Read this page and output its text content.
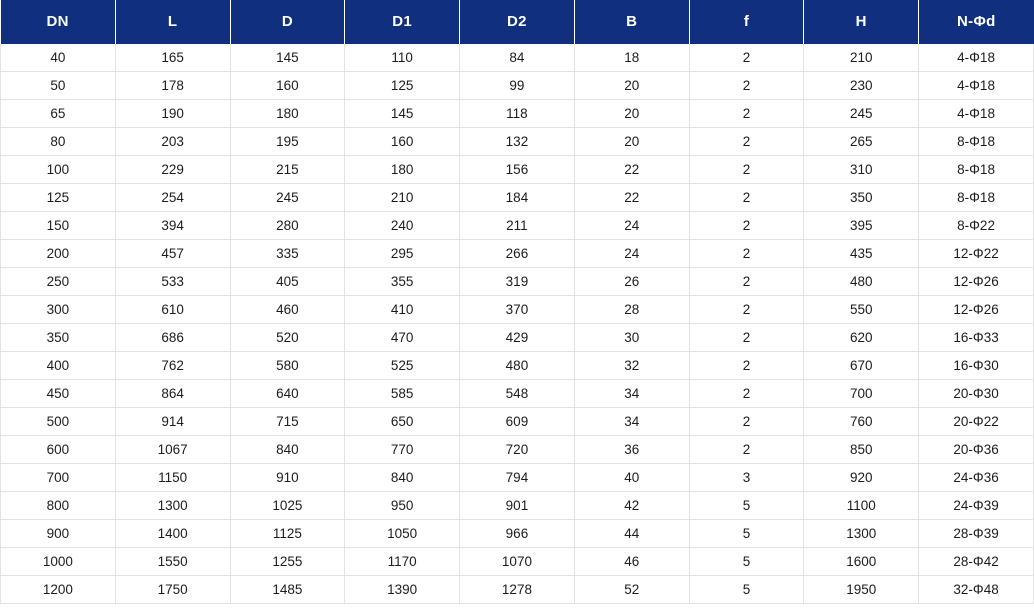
DN	L	D	D1	D2	B	f	H	N-Φd
40	165	145	110	84	18	2	210	4-Φ18
50	178	160	125	99	20	2	230	4-Φ18
65	190	180	145	118	20	2	245	4-Φ18
80	203	195	160	132	20	2	265	8-Φ18
100	229	215	180	156	22	2	310	8-Φ18
125	254	245	210	184	22	2	350	8-Φ18
150	394	280	240	211	24	2	395	8-Φ22
200	457	335	295	266	24	2	435	12-Φ22
250	533	405	355	319	26	2	480	12-Φ26
300	610	460	410	370	28	2	550	12-Φ26
350	686	520	470	429	30	2	620	16-Φ33
400	762	580	525	480	32	2	670	16-Φ30
450	864	640	585	548	34	2	700	20-Φ30
500	914	715	650	609	34	2	760	20-Φ22
600	1067	840	770	720	36	2	850	20-Φ36
700	1150	910	840	794	40	3	920	24-Φ36
800	1300	1025	950	901	42	5	1100	24-Φ39
900	1400	1125	1050	966	44	5	1300	28-Φ39
1000	1550	1255	1170	1070	46	5	1600	28-Φ42
1200	1750	1485	1390	1278	52	5	1950	32-Φ48
